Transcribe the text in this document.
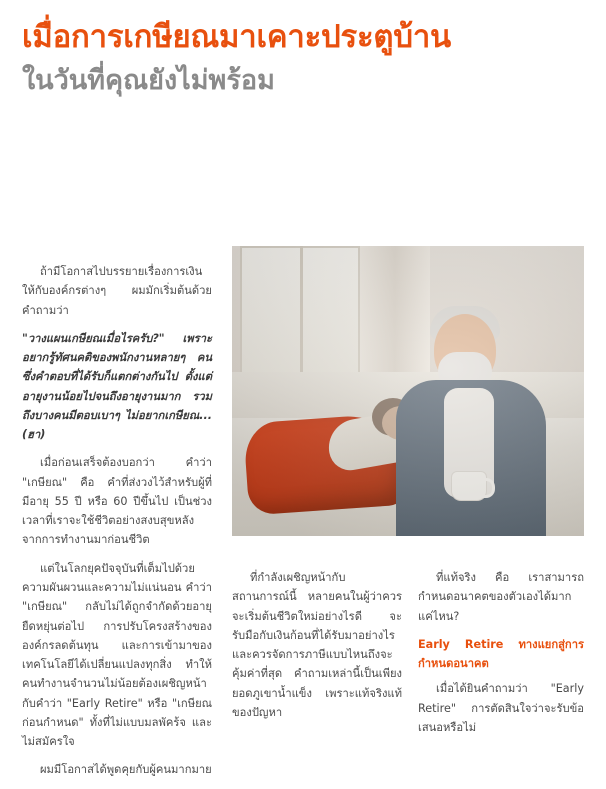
เมื่อการเกษียณมาเคาะประตูบ้าน
ในวันที่คุณยังไม่พร้อม

ถ้ามีโอกาสไปบรรยายเรื่องการเงินให้กับองค์กรต่างๆ ผมมักเริ่มต้นด้วยคำถามว่า

"วางแผนเกษียณเมื่อไรครับ?" เพราะอยากรู้ทัศนคติของพนักงานหลายๆ คน ซึ่งคำตอบที่ได้รับก็แตกต่างกันไป ตั้งแต่อายุงานน้อยไปจนถึงอายุงานมาก รวมถึงบางคนมีตอบเบาๆ ไม่อยากเกษียณ... (ฮา)

เมื่อก่อนเสร็จต้องบอกว่า คำว่า "เกษียณ" คือ คำที่ส่งวงไว้สำหรับผู้ที่มีอายุ 55 ปี หรือ 60 ปีขึ้นไป เป็นช่วงเวลาที่เราจะใช้ชีวิตอย่างสงบสุขหลังจากการทำงานมาก่อนชีวิต

แต่ในโลกยุคปัจจุบันที่เต็มไปด้วยความผันผวนและความไม่แน่นอน คำว่า "เกษียณ" กลับไม่ได้ถูกจำกัดด้วยอายุยืดหยุ่นต่อไป การปรับโครงสร้างขององค์กรลดต้นทุน และการเข้ามาของเทคโนโลยีได้เปลี่ยนแปลงทุกสิ่ง ทำให้คนทำงานจำนวนไม่น้อยต้องเผชิญหน้ากับคำว่า "Early Retire" หรือ "เกษียณก่อนกำหนด" ทั้งที่ไม่แบบมลพัคร้จ และไม่สมัครใจ

ผมมีโอกาสได้พูดคุยกับผู้คนมากมาย

ที่กำลังเผชิญหน้ากับสถานการณ์นี้ หลายคนในผู้ว่าควรจะเริ่มต้นชีวิตใหม่อย่างไรดี จะรับมือกับเงินก้อนที่ได้รับมาอย่างไร และควรจัดการภาษีแบบไหนถึงจะคุ้มค่าที่สุด คำถามเหล่านี้เป็นเพียงยอดภูเขาน้ำแข็ง เพราะแท้จริงแท้ของปัญหา

ที่แท้จริง คือ เราสามารถกำหนดอนาคตของตัวเองได้มากแค่ไหน?

Early Retire ทางแยกสู่การกำหนดอนาคต

เมื่อได้ยินคำถามว่า "Early Retire" การตัดสินใจว่าจะรับข้อเสนอหรือไม่
